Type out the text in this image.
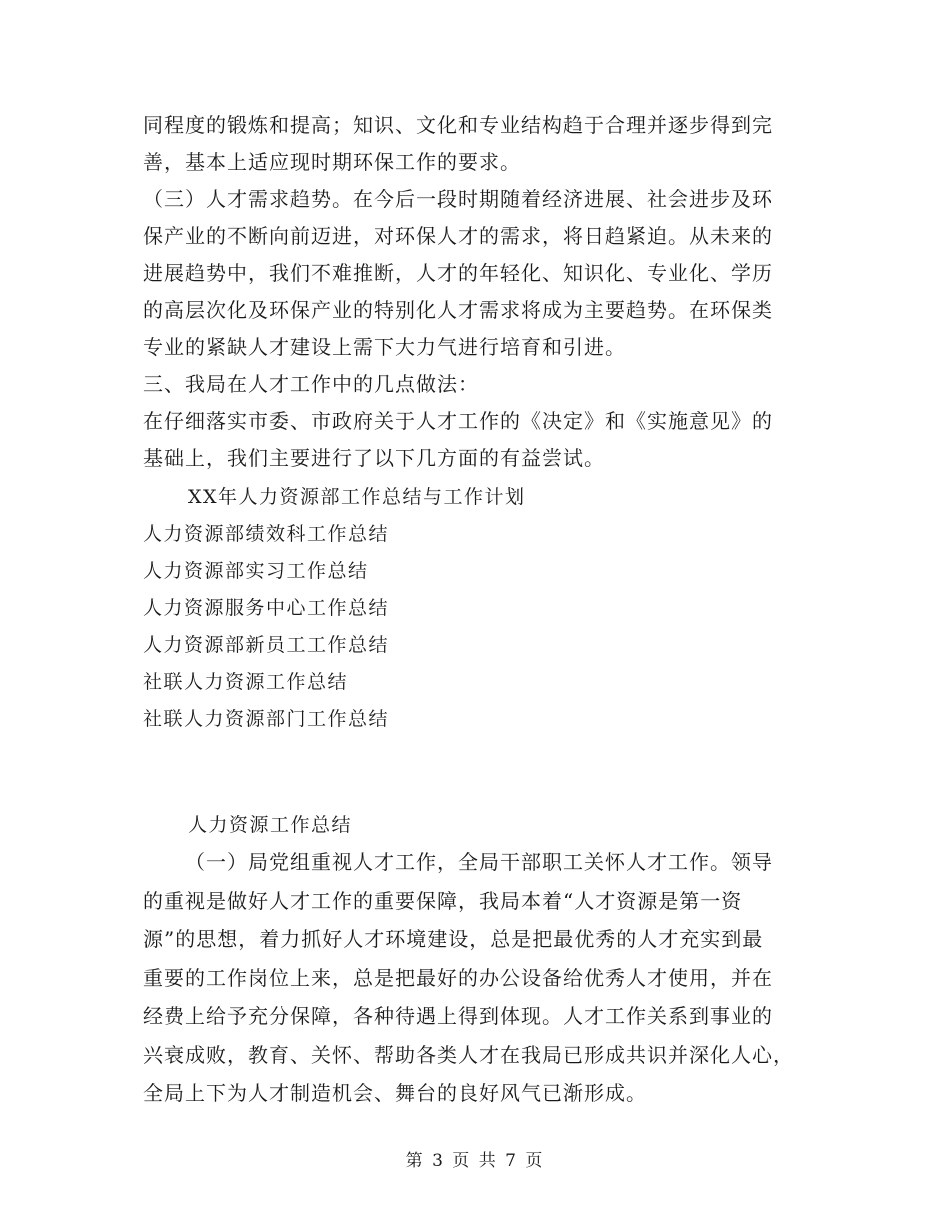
同程度的锻炼和提高；知识、文化和专业结构趋于合理并逐步得到完
善，基本上适应现时期环保工作的要求。
（三）人才需求趋势。在今后一段时期随着经济进展、社会进步及环
保产业的不断向前迈进，对环保人才的需求，将日趋紧迫。从未来的
进展趋势中，我们不难推断，人才的年轻化、知识化、专业化、学历
的高层次化及环保产业的特别化人才需求将成为主要趋势。在环保类
专业的紧缺人才建设上需下大力气进行培育和引进。
三、我局在人才工作中的几点做法：
在仔细落实市委、市政府关于人才工作的《决定》和《实施意见》的
基础上，我们主要进行了以下几方面的有益尝试。
XX年人力资源部工作总结与工作计划
人力资源部绩效科工作总结
人力资源部实习工作总结
人力资源服务中心工作总结
人力资源部新员工工作总结
社联人力资源工作总结
社联人力资源部门工作总结
人力资源工作总结
（一）局党组重视人才工作，全局干部职工关怀人才工作。领导
的重视是做好人才工作的重要保障，我局本着“人才资源是第一资
源”的思想，着力抓好人才环境建设，总是把最优秀的人才充实到最
重要的工作岗位上来，总是把最好的办公设备给优秀人才使用，并在
经费上给予充分保障，各种待遇上得到体现。人才工作关系到事业的
兴衰成败，教育、关怀、帮助各类人才在我局已形成共识并深化人心，
全局上下为人才制造机会、舞台的良好风气已渐形成。
第 3 页 共 7 页
